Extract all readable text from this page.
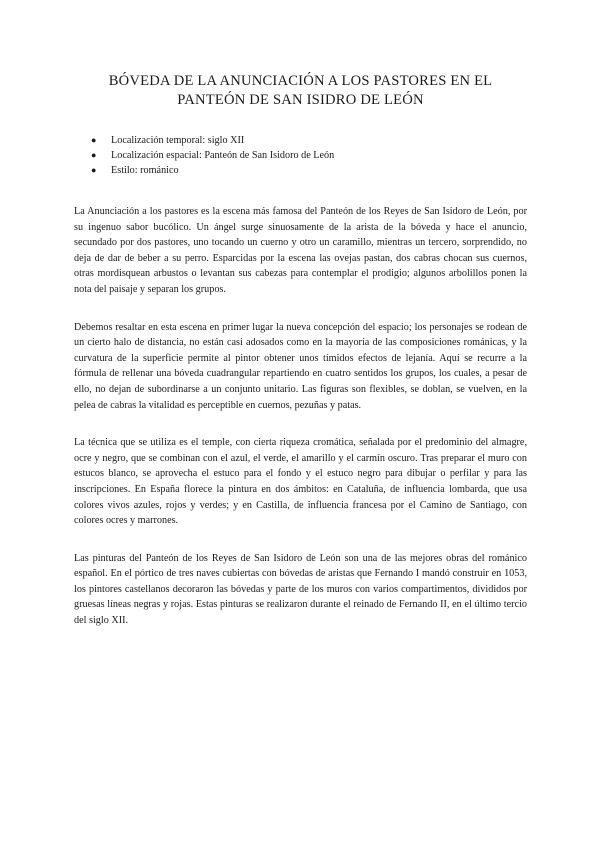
BÓVEDA DE LA ANUNCIACIÓN A LOS PASTORES EN EL PANTEÓN DE SAN ISIDRO DE LEÓN
● Localización temporal: siglo XII
● Localización espacial: Panteón de San Isidoro de León
● Estilo: románico

La Anunciación a los pastores es la escena más famosa del Panteón de los Reyes de San Isidoro de León, por su ingenuo sabor bucólico. Un ángel surge sinuosamente de la arista de la bóveda y hace el anuncio, secundado por dos pastores, uno tocando un cuerno y otro un caramillo, mientras un tercero, sorprendido, no deja de dar de beber a su perro. Esparcidas por la escena las ovejas pastan, dos cabras chocan sus cuernos, otras mordisquean arbustos o levantan sus cabezas para contemplar el prodigio; algunos arbolillos ponen la nota del paisaje y separan los grupos.

Debemos resaltar en esta escena en primer lugar la nueva concepción del espacio; los personajes se rodean de un cierto halo de distancia, no están casi adosados como en la mayoría de las composiciones románicas, y la curvatura de la superficie permite al pintor obtener unos tímidos efectos de lejanía. Aquí se recurre a la fórmula de rellenar una bóveda cuadrangular repartiendo en cuatro sentidos los grupos, los cuales, a pesar de ello, no dejan de subordinarse a un conjunto unitario. Las figuras son flexibles, se doblan, se vuelven, en la pelea de cabras la vitalidad es perceptible en cuernos, pezuñas y patas.

La técnica que se utiliza es el temple, con cierta riqueza cromática, señalada por el predominio del almagre, ocre y negro, que se combinan con el azul, el verde, el amarillo y el carmín oscuro. Tras preparar el muro con estucos blanco, se aprovecha el estuco para el fondo y el estuco negro para dibujar o perfilar y para las inscripciones. En España florece la pintura en dos ámbitos: en Cataluña, de influencia lombarda, que usa colores vivos azules, rojos y verdes; y en Castilla, de influencia francesa por el Camino de Santiago, con colores ocres y marrones.

Las pinturas del Panteón de los Reyes de San Isidoro de León son una de las mejores obras del románico español. En el pórtico de tres naves cubiertas con bóvedas de aristas que Fernando I mandó construir en 1053, los pintores castellanos decoraron las bóvedas y parte de los muros con varios compartimentos, divididos por gruesas líneas negras y rojas. Estas pinturas se realizaron durante el reinado de Fernando II, en el último tercio del siglo XII.
